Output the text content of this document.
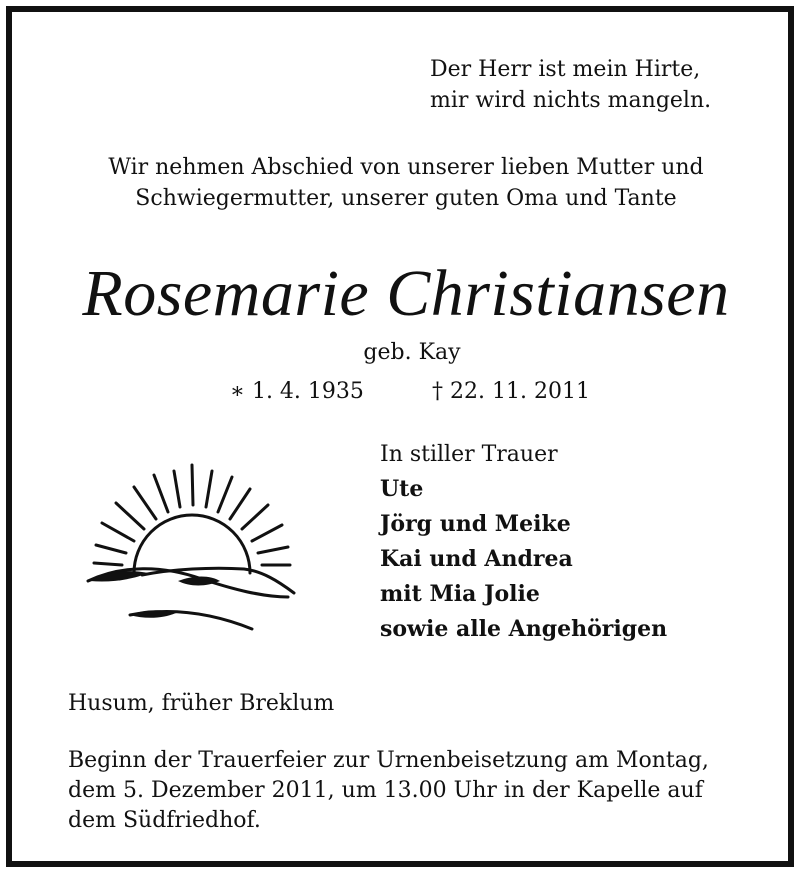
Der Herr ist mein Hirte,
mir wird nichts mangeln.
Wir nehmen Abschied von unserer lieben Mutter und
Schwiegermutter, unserer guten Oma und Tante
Rosemarie Christiansen
geb. Kay
∗ 1. 4. 1935	† 22. 11. 2011
In stiller Trauer
Ute
Jörg und Meike
Kai und Andrea
mit Mia Jolie
sowie alle Angehörigen
Husum, früher Breklum
Beginn der Trauerfeier zur Urnenbeisetzung am Montag,
dem 5. Dezember 2011, um 13.00 Uhr in der Kapelle auf
dem Südfriedhof.
